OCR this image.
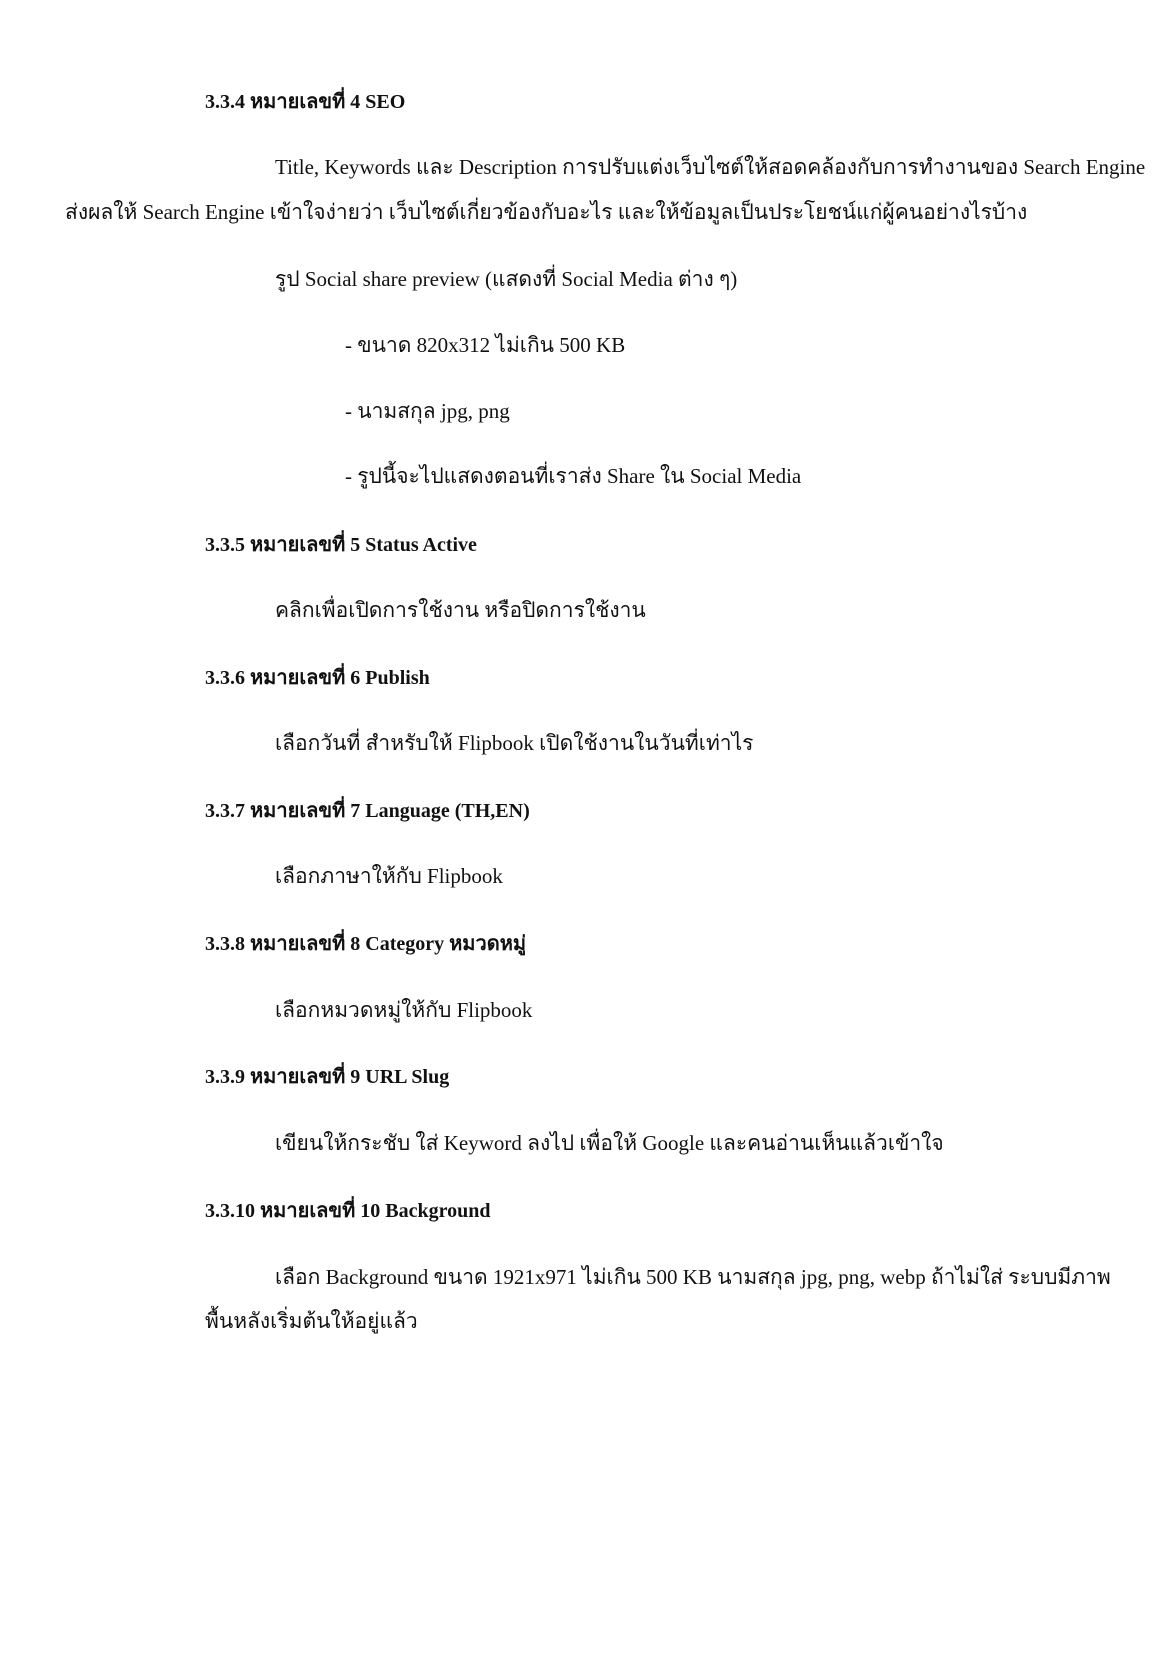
3.3.4 หมายเลขที่ 4 SEO
Title, Keywords และ Description การปรับแต่งเว็บไซต์ให้สอดคล้องกับการทำงานของ Search Engine
ส่งผลให้ Search Engine เข้าใจง่ายว่า เว็บไซต์เกี่ยวข้องกับอะไร และให้ข้อมูลเป็นประโยชน์แก่ผู้คนอย่างไรบ้าง
รูป Social share preview (แสดงที่ Social Media ต่าง ๆ)
- ขนาด 820x312 ไม่เกิน 500 KB
- นามสกุล jpg, png
- รูปนี้จะไปแสดงตอนที่เราส่ง Share ใน Social Media
3.3.5 หมายเลขที่ 5 Status Active
คลิกเพื่อเปิดการใช้งาน หรือปิดการใช้งาน
3.3.6 หมายเลขที่ 6 Publish
เลือกวันที่ สำหรับให้ Flipbook เปิดใช้งานในวันที่เท่าไร
3.3.7 หมายเลขที่ 7 Language (TH,EN)
เลือกภาษาให้กับ Flipbook
3.3.8 หมายเลขที่ 8 Category หมวดหมู่
เลือกหมวดหมู่ให้กับ Flipbook
3.3.9 หมายเลขที่ 9 URL Slug
เขียนให้กระชับ ใส่ Keyword ลงไป เพื่อให้ Google และคนอ่านเห็นแล้วเข้าใจ
3.3.10 หมายเลขที่ 10 Background
เลือก Background ขนาด 1921x971 ไม่เกิน 500 KB นามสกุล jpg, png, webp ถ้าไม่ใส่ ระบบมีภาพ
พื้นหลังเริ่มต้นให้อยู่แล้ว
